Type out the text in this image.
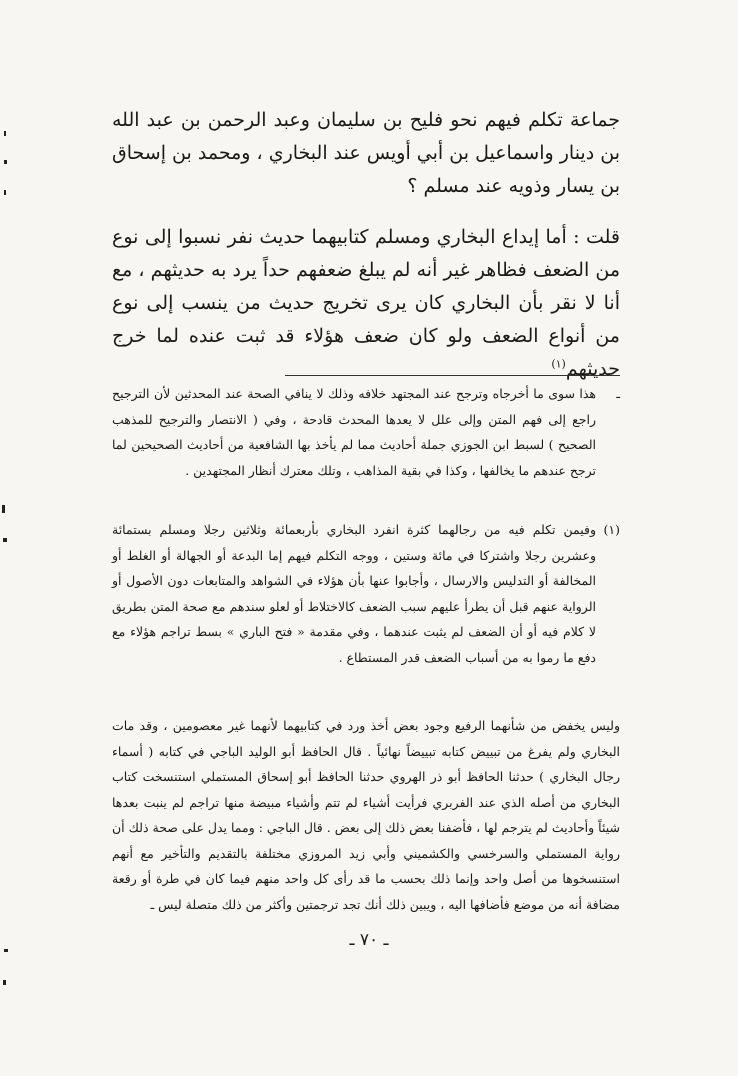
جماعة تكلم فيهم نحو فليح بن سليمان وعبد الرحمن بن عبد الله بن دينار واسماعيل بن أبي أويس عند البخاري ، ومحمد بن إسحاق بن يسار وذويه عند مسلم ؟
قلت : أما إيداع البخاري ومسلم كتابيهما حديث نفر نسبوا إلى نوع من الضعف فظاهر غير أنه لم يبلغ ضعفهم حداً يرد به حديثهم ، مع أنا لا نقر بأن البخاري كان يرى تخريج حديث من ينسب إلى نوع من أنواع الضعف ولو كان ضعف هؤلاء قد ثبت عنده لما خرج حديثهم$^{(١)}$
ـ
هذا سوى ما أخرجاه وترجح عند المجتهد خلافه وذلك لا ينافي الصحة عند المحدثين لأن الترجيح راجع إلى فهم المتن وإلى علل لا يعدها المحدث قادحة ، وفي ( الانتصار والترجيح للمذهب الصحيح ) لسبط ابن الجوزي جملة أحاديث مما لم يأخذ بها الشافعية من أحاديث الصحيحين لما ترجح عندهم ما يخالفها ، وكذا في بقية المذاهب ، وتلك معترك أنظار المجتهدين .
(١)
وفيمن تكلم فيه من رجالهما كثرة انفرد البخاري بأربعمائة وثلاثين رجلا ومسلم بستمائة وعشرين رجلا واشتركا في مائة وستين ، ووجه التكلم فيهم إما البدعة أو الجهالة أو الغلط أو المخالفة أو التدليس والارسال ، وأجابوا عنها بأن هؤلاء في الشواهد والمتابعات دون الأصول أو الرواية عنهم قبل أن يطرأ عليهم سبب الضعف كالاختلاط أو لعلو سندهم مع صحة المتن بطريق لا كلام فيه أو أن الضعف لم يثبت عندهما ، وفي مقدمة « فتح الباري » بسط تراجم هؤلاء مع دفع ما رموا به من أسباب الضعف قدر المستطاع .
وليس يخفض من شأنهما الرفيع وجود بعض أخذ ورد في كتابيهما لأنهما غير معصومين ، وقد مات البخاري ولم يفرغ من تبييض كتابه تبييضاً نهائياً . قال الحافظ أبو الوليد الباجي في كتابه ( أسماء رجال البخاري ) حدثنا الحافظ أبو ذر الهروي حدثنا الحافظ أبو إسحاق المستملي استنسخت كتاب البخاري من أصله الذي عند الفربري فرأيت أشياء لم تتم وأشياء مبيضة منها تراجم لم ينبت بعدها شيئاً وأحاديث لم يترجم لها ، فأضفنا بعض ذلك إلى بعض . قال الباجي : ومما يدل على صحة ذلك أن رواية المستملي والسرخسي والكشميني وأبي زيد المروزي مختلفة بالتقديم والتأخير مع أنهم استنسخوها من أصل واحد وإنما ذلك بحسب ما قد رأى كل واحد منهم فيما كان في طرة أو رقعة مضافة أنه من موضع فأضافها اليه ، ويبين ذلك أنك تجد ترجمتين وأكثر من ذلك متصلة ليس ـ
ـ ٧٠ ـ
